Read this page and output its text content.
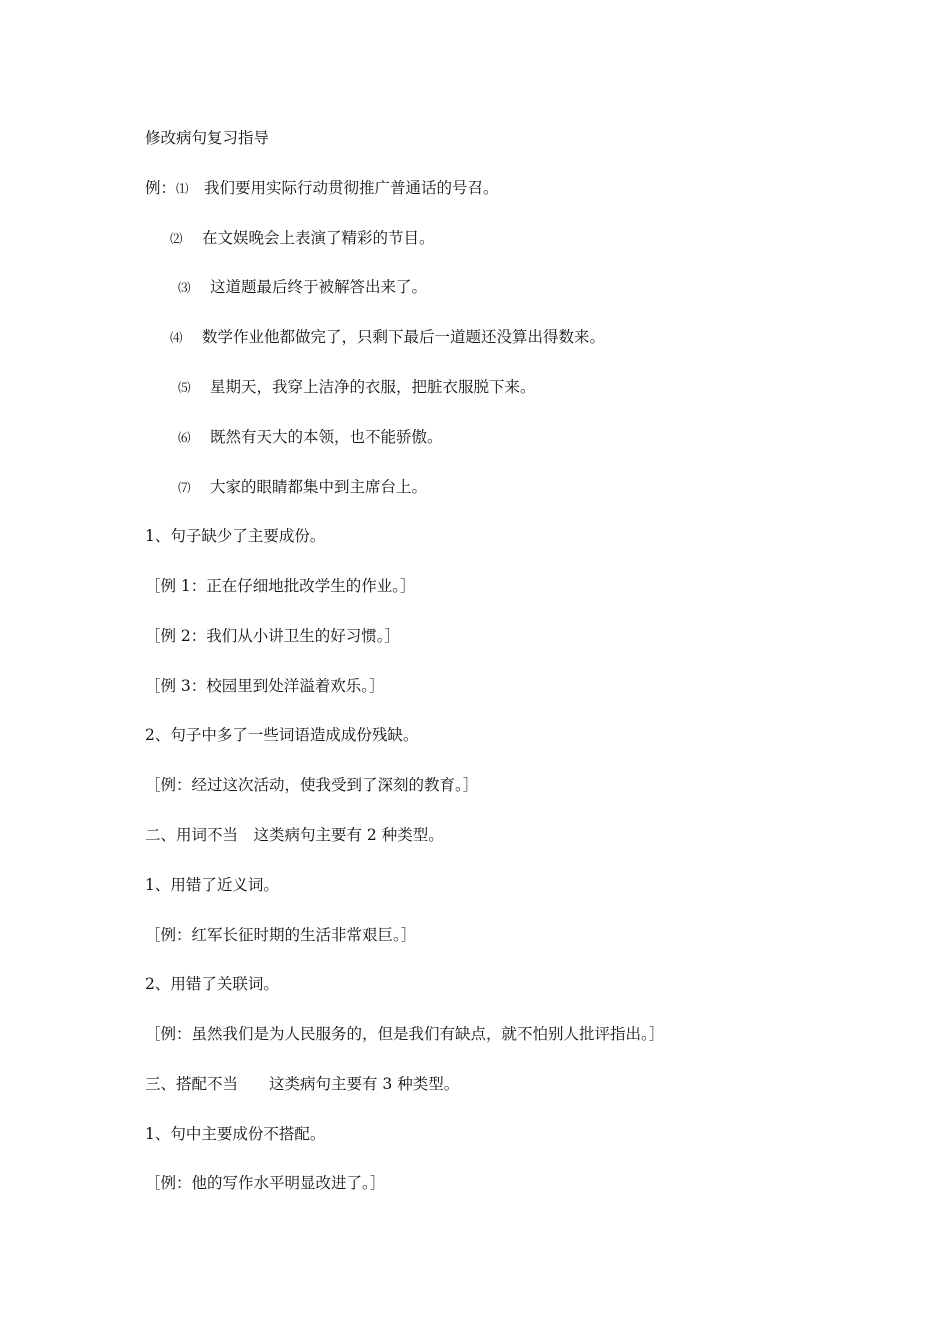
修改病句复习指导
例：⑴ 我们要用实际行动贯彻推广普通话的号召。
⑵ 在文娱晚会上表演了精彩的节目。
⑶ 这道题最后终于被解答出来了。
⑷ 数学作业他都做完了，只剩下最后一道题还没算出得数来。
⑸ 星期天，我穿上洁净的衣服，把脏衣服脱下来。
⑹ 既然有天大的本领，也不能骄傲。
⑺ 大家的眼睛都集中到主席台上。
1、句子缺少了主要成份。
［例 1：正在仔细地批改学生的作业。］
［例 2：我们从小讲卫生的好习惯。］
［例 3：校园里到处洋溢着欢乐。］
2、句子中多了一些词语造成成份残缺。
［例：经过这次活动，使我受到了深刻的教育。］
二、用词不当　这类病句主要有 2 种类型。
1、用错了近义词。
［例：红军长征时期的生活非常艰巨。］
2、用错了关联词。
［例：虽然我们是为人民服务的，但是我们有缺点，就不怕别人批评指出。］
三、搭配不当　　这类病句主要有 3 种类型。
1、句中主要成份不搭配。
［例：他的写作水平明显改进了。］
